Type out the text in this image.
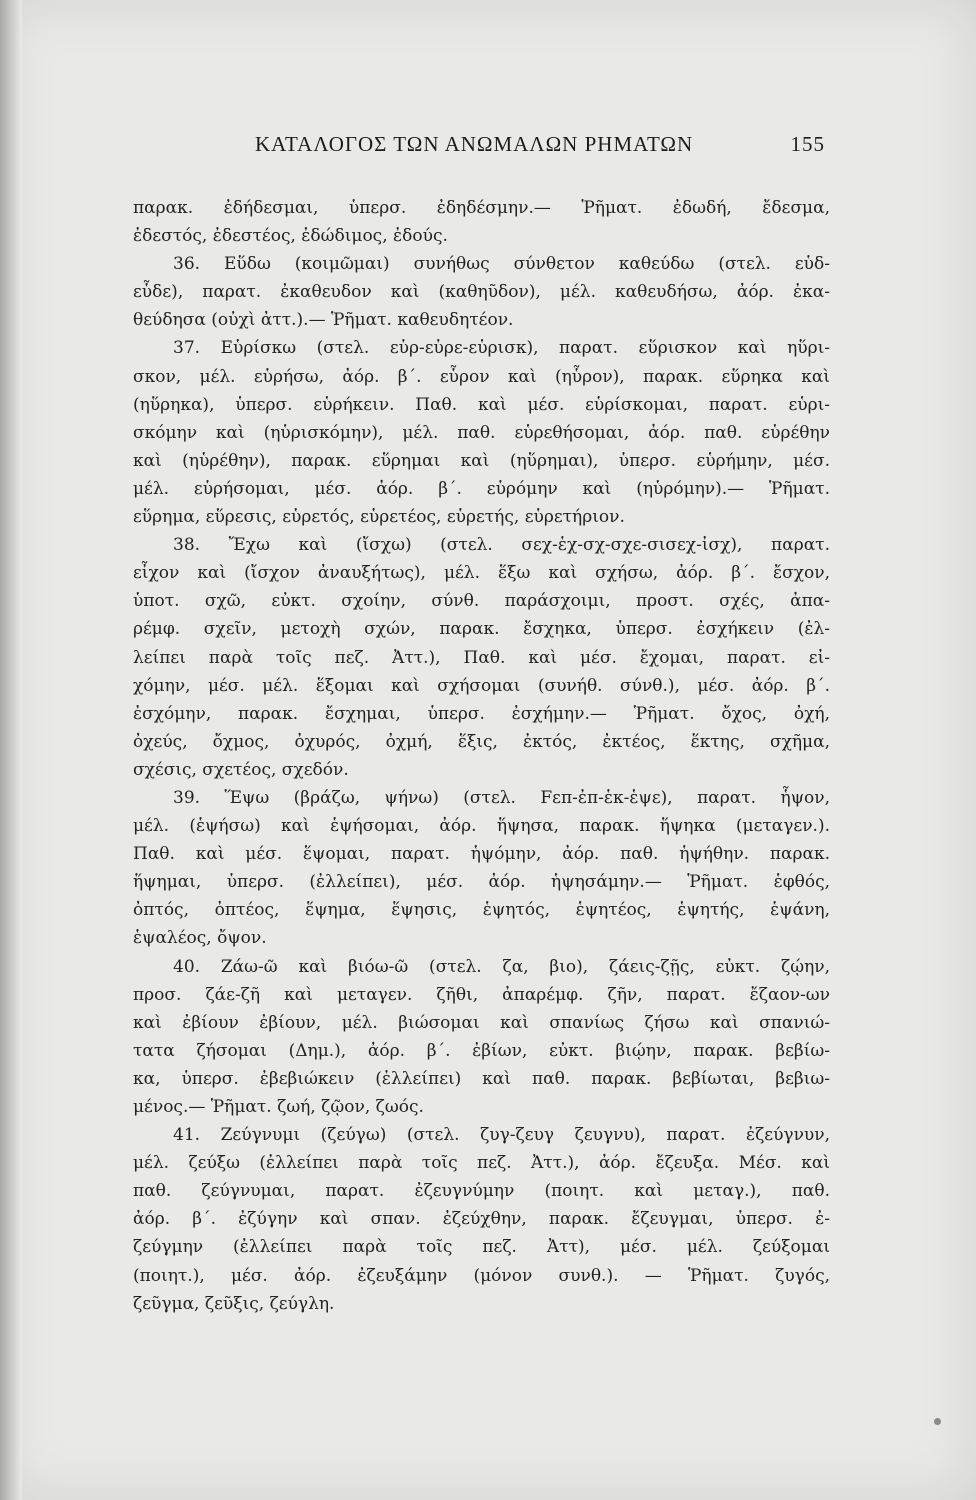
ΚΑΤΑΛΟΓΟΣ ΤΩΝ ΑΝΩΜΑΛΩΝ ΡΗΜΑΤΩΝ	155
παρακ. ἐδήδεσμαι, ὑπερσ. ἐδηδέσμην.— Ῥῆματ. ἐδωδή, ἔδεσμα,
ἐδεστός, ἐδεστέος, ἐδώδιμος, ἐδούς.
36. Εὕδω (κοιμῶμαι) συνήθως σύνθετον καθεύδω (στελ. εὑδ-
εὗδε), παρατ. ἐκαθευδον καὶ (καθηῦδον), μέλ. καθευδήσω, ἀόρ. ἐκα-
θεύδησα (οὐχὶ ἀττ.).— Ῥῆματ. καθευδητέον.
37. Εὑρίσκω (στελ. εὑρ-εὑρε-εὑρισκ), παρατ. εὕρισκον καὶ ηὕρι-
σκον, μέλ. εὑρήσω, ἀόρ. β΄. εὗρον καὶ (ηὗρον), παρακ. εὕρηκα καὶ
(ηὕρηκα), ὑπερσ. εὑρήκειν. Παθ. καὶ μέσ. εὑρίσκομαι, παρατ. εὑρι-
σκόμην καὶ (ηὑρισκόμην), μέλ. παθ. εὑρεθήσομαι, ἀόρ. παθ. εὑρέθην
καὶ (ηὑρέθην), παρακ. εὕρημαι καὶ (ηὕρημαι), ὑπερσ. εὑρήμην, μέσ.
μέλ. εὑρήσομαι, μέσ. ἀόρ. β΄. εὑρόμην καὶ (ηὑρόμην).— Ῥῆματ.
εὕρημα, εὕρεσις, εὑρετός, εὑρετέος, εὑρετής, εὑρετήριον.
38. Ἔχω καὶ (ἴσχω) (στελ. σεχ-ἑχ-σχ-σχε-σισεχ-ἰσχ), παρατ.
εἶχον καὶ (ἴσχον ἀναυξήτως), μέλ. ἕξω καὶ σχήσω, ἀόρ. β΄. ἔσχον,
ὑποτ. σχῶ, εὐκτ. σχοίην, σύνθ. παράσχοιμι, προστ. σχές, ἀπα-
ρέμφ. σχεῖν, μετοχὴ σχών, παρακ. ἔσχηκα, ὑπερσ. ἐσχήκειν (ἐλ-
λείπει παρὰ τοῖς πεζ. Ἀττ.), Παθ. καὶ μέσ. ἔχομαι, παρατ. εἰ-
χόμην, μέσ. μέλ. ἕξομαι καὶ σχήσομαι (συνήθ. σύνθ.), μέσ. ἀόρ. β΄.
ἐσχόμην, παρακ. ἔσχημαι, ὑπερσ. ἐσχήμην.— Ῥῆματ. ὄχος, ὀχή,
ὀχεύς, ὄχμος, ὀχυρός, ὀχμή, ἕξις, ἐκτός, ἐκτέος, ἕκτης, σχῆμα,
σχέσις, σχετέος, σχεδόν.
39. Ἕψω (βράζω, ψήνω) (στελ. Fεπ-ἐπ-ἑκ-ἑψε), παρατ. ἧψον,
μέλ. (ἑψήσω) καὶ ἑψήσομαι, ἀόρ. ἥψησα, παρακ. ἥψηκα (μεταγεν.).
Παθ. καὶ μέσ. ἕψομαι, παρατ. ἡψόμην, ἀόρ. παθ. ἡψήθην. παρακ.
ἥψημαι, ὑπερσ. (ἐλλείπει), μέσ. ἀόρ. ἡψησάμην.— Ῥῆματ. ἑφθός,
ὀπτός, ὀπτέος, ἕψημα, ἕψησις, ἑψητός, ἑψητέος, ἑψητής, ἑψάνη,
ἑψαλέος, ὄψον.
40. Ζάω-ῶ καὶ βιόω-ῶ (στελ. ζα, βιο), ζάεις-ζῇς, εὐκτ. ζῴην,
προσ. ζάε-ζῆ καὶ μεταγεν. ζῆθι, ἀπαρέμφ. ζῆν, παρατ. ἔζαον-ων
καὶ ἐβίουν ἐβίουν, μέλ. βιώσομαι καὶ σπανίως ζήσω καὶ σπανιώ-
τατα ζήσομαι (Δημ.), ἀόρ. β΄. ἐβίων, εὐκτ. βιῴην, παρακ. βεβίω-
κα, ὑπερσ. ἐβεβιώκειν (ἐλλείπει) καὶ παθ. παρακ. βεβίωται, βεβιω-
μένος.— Ῥῆματ. ζωή, ζῷον, ζωός.
41. Ζεύγνυμι (ζεύγω) (στελ. ζυγ-ζευγ ζευγνυ), παρατ. ἐζεύγνυν,
μέλ. ζεύξω (ἐλλείπει παρὰ τοῖς πεζ. Ἀττ.), ἀόρ. ἔζευξα. Μέσ. καὶ
παθ. ζεύγνυμαι, παρατ. ἐζευγνύμην (ποιητ. καὶ μεταγ.), παθ.
ἀόρ. β΄. ἐζύγην καὶ σπαν. ἐζεύχθην, παρακ. ἔζευγμαι, ὑπερσ. ἐ-
ζεύγμην (ἐλλείπει παρὰ τοῖς πεζ. Ἀττ), μέσ. μέλ. ζεύξομαι
(ποιητ.), μέσ. ἀόρ. ἐζευξάμην (μόνον συνθ.). — Ῥῆματ. ζυγός,
ζεῦγμα, ζεῦξις, ζεύγλη.
